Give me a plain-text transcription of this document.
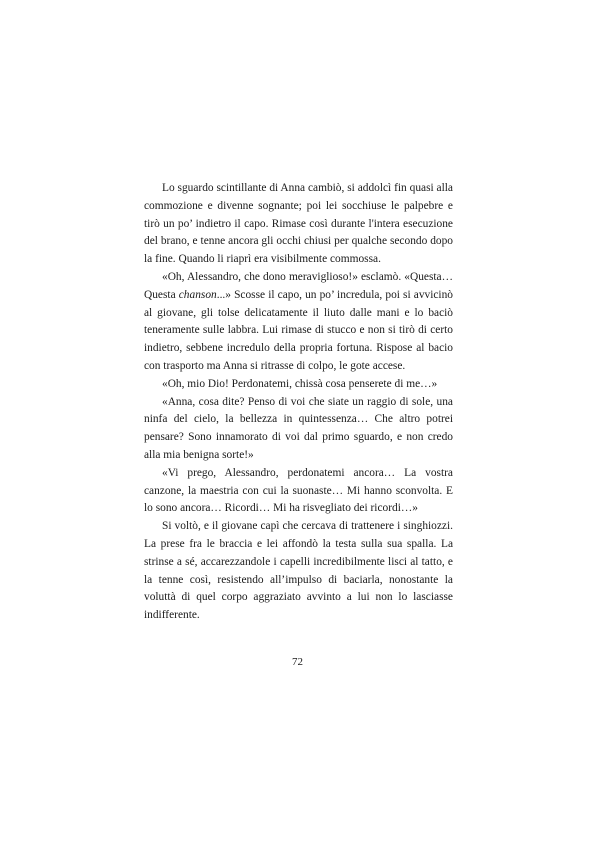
Lo sguardo scintillante di Anna cambiò, si addolcì fin quasi alla commozione e divenne sognante; poi lei socchiuse le palpebre e tirò un po’ indietro il capo. Rimase così durante l'intera esecuzione del brano, e tenne ancora gli occhi chiusi per qualche secondo dopo la fine. Quando li riaprì era visibilmente commossa.

«Oh, Alessandro, che dono meraviglioso!» esclamò. «Questa… Questa chanson...» Scosse il capo, un po’ incredula, poi si avvicinò al giovane, gli tolse delicatamente il liuto dalle mani e lo baciò teneramente sulle labbra. Lui rimase di stucco e non si tirò di certo indietro, sebbene incredulo della propria fortuna. Rispose al bacio con trasporto ma Anna si ritrasse di colpo, le gote accese.

«Oh, mio Dio! Perdonatemi, chissà cosa penserete di me…»

«Anna, cosa dite? Penso di voi che siate un raggio di sole, una ninfa del cielo, la bellezza in quintessenza… Che altro potrei pensare? Sono innamorato di voi dal primo sguardo, e non credo alla mia benigna sorte!»

«Vi prego, Alessandro, perdonatemi ancora… La vostra canzone, la maestria con cui la suonaste… Mi hanno sconvolta. E lo sono ancora… Ricordi… Mi ha risvegliato dei ricordi…»

Si voltò, e il giovane capì che cercava di trattenere i singhiozzi. La prese fra le braccia e lei affondò la testa sulla sua spalla. La strinse a sé, accarezzandole i capelli incredibilmente lisci al tatto, e la tenne così, resistendo all’impulso di baciarla, nonostante la voluttà di quel corpo aggraziato avvinto a lui non lo lasciasse indifferente.

72
